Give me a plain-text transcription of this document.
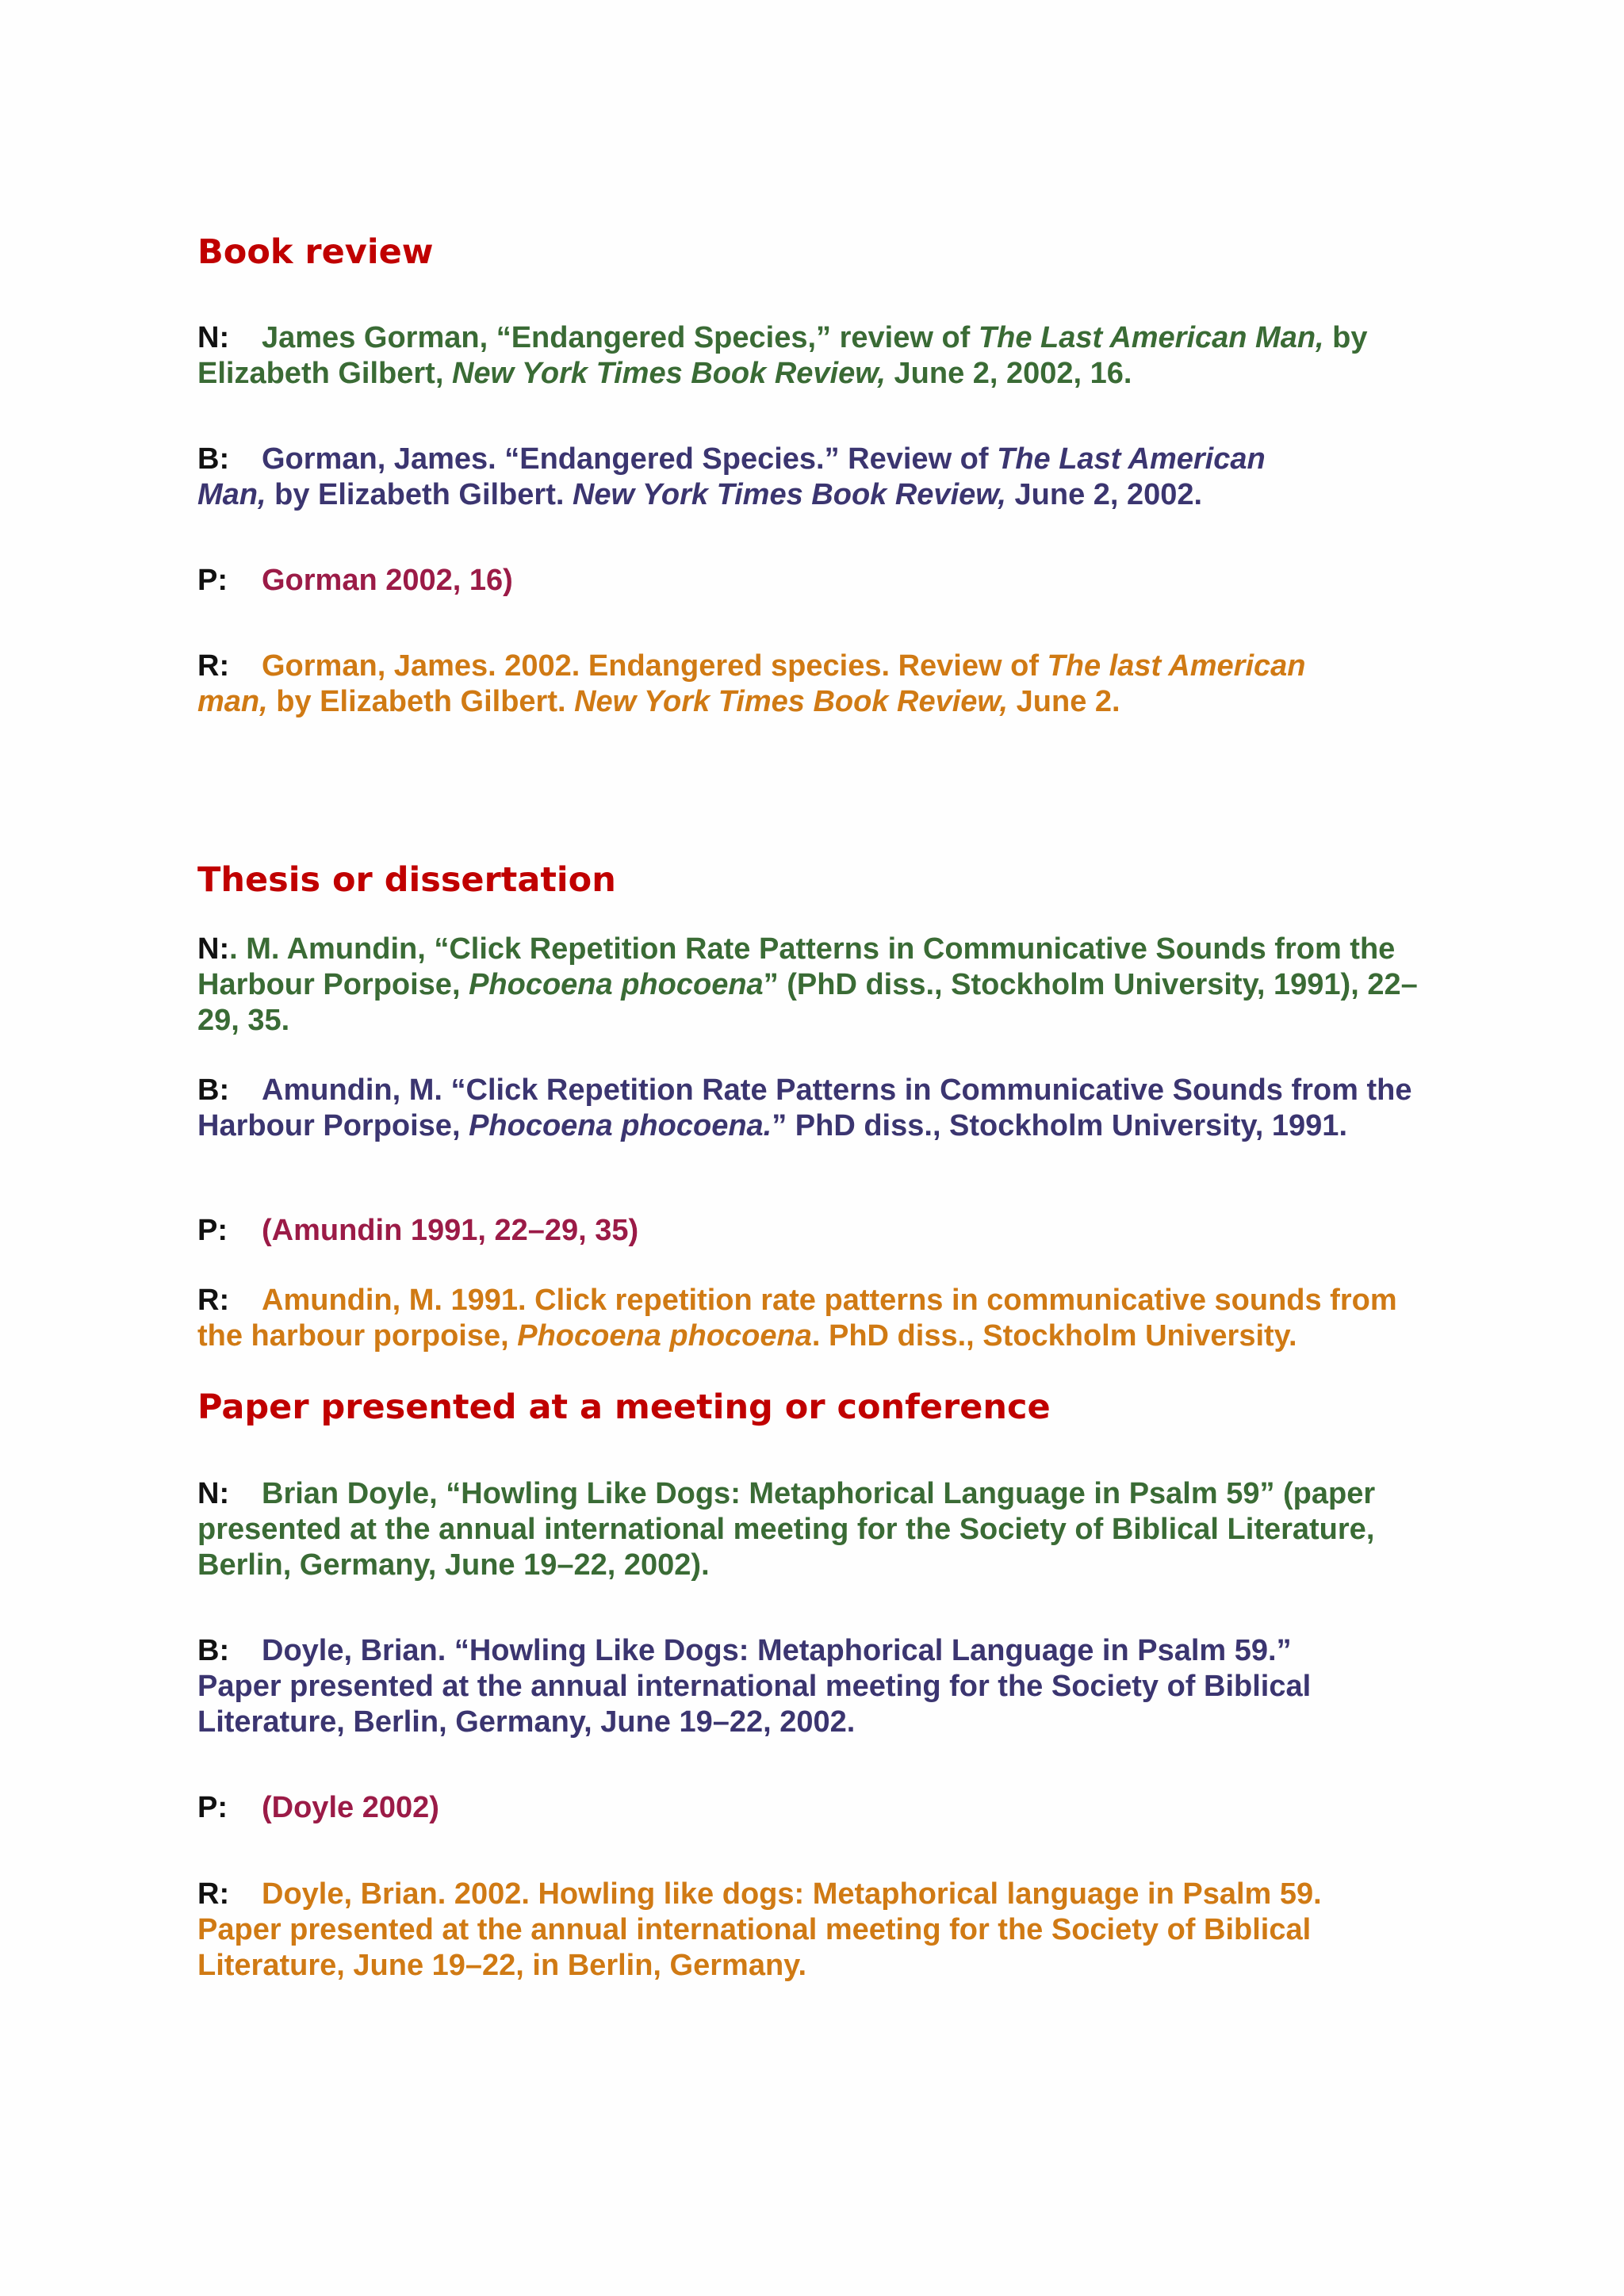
Book review

N: James Gorman, “Endangered Species,” review of The Last American Man, by Elizabeth Gilbert, New York Times Book Review, June 2, 2002, 16.

B: Gorman, James. “Endangered Species.” Review of The Last American Man, by Elizabeth Gilbert. New York Times Book Review, June 2, 2002.

P: Gorman 2002, 16)

R: Gorman, James. 2002. Endangered species. Review of The last American man, by Elizabeth Gilbert. New York Times Book Review, June 2.

Thesis or dissertation

N:. M. Amundin, “Click Repetition Rate Patterns in Communicative Sounds from the Harbour Porpoise, Phocoena phocoena” (PhD diss., Stockholm University, 1991), 22–29, 35.

B: Amundin, M. “Click Repetition Rate Patterns in Communicative Sounds from the Harbour Porpoise, Phocoena phocoena.” PhD diss., Stockholm University, 1991.

P: (Amundin 1991, 22–29, 35)

R: Amundin, M. 1991. Click repetition rate patterns in communicative sounds from the harbour porpoise, Phocoena phocoena. PhD diss., Stockholm University.

Paper presented at a meeting or conference

N: Brian Doyle, “Howling Like Dogs: Metaphorical Language in Psalm 59” (paper presented at the annual international meeting for the Society of Biblical Literature, Berlin, Germany, June 19–22, 2002).

B: Doyle, Brian. “Howling Like Dogs: Metaphorical Language in Psalm 59.” Paper presented at the annual international meeting for the Society of Biblical Literature, Berlin, Germany, June 19–22, 2002.

P: (Doyle 2002)

R: Doyle, Brian. 2002. Howling like dogs: Metaphorical language in Psalm 59. Paper presented at the annual international meeting for the Society of Biblical Literature, June 19–22, in Berlin, Germany.
